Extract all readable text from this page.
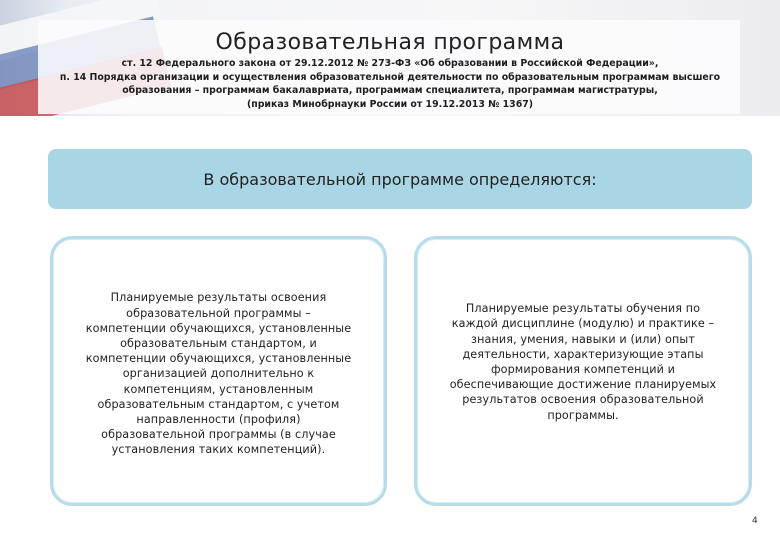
Образовательная программа
ст. 12 Федерального закона от 29.12.2012 № 273-ФЗ «Об образовании в Российской Федерации»,
п. 14 Порядка организации и осуществления образовательной деятельности по образовательным программам высшего
образования – программам бакалавриата, программам специалитета, программам магистратуры,
(приказ Минобрнауки России от 19.12.2013 № 1367)
В образовательной программе определяются:
Планируемые результаты освоения
образовательной программы –
компетенции обучающихся, установленные
образовательным стандартом, и
компетенции обучающихся, установленные
организацией дополнительно к
компетенциям, установленным
образовательным стандартом, с учетом
направленности (профиля)
образовательной программы (в случае
установления таких компетенций).
Планируемые результаты обучения по
каждой дисциплине (модулю) и практике –
знания, умения, навыки и (или) опыт
деятельности, характеризующие этапы
формирования компетенций и
обеспечивающие достижение планируемых
результатов освоения образовательной
программы.
4
